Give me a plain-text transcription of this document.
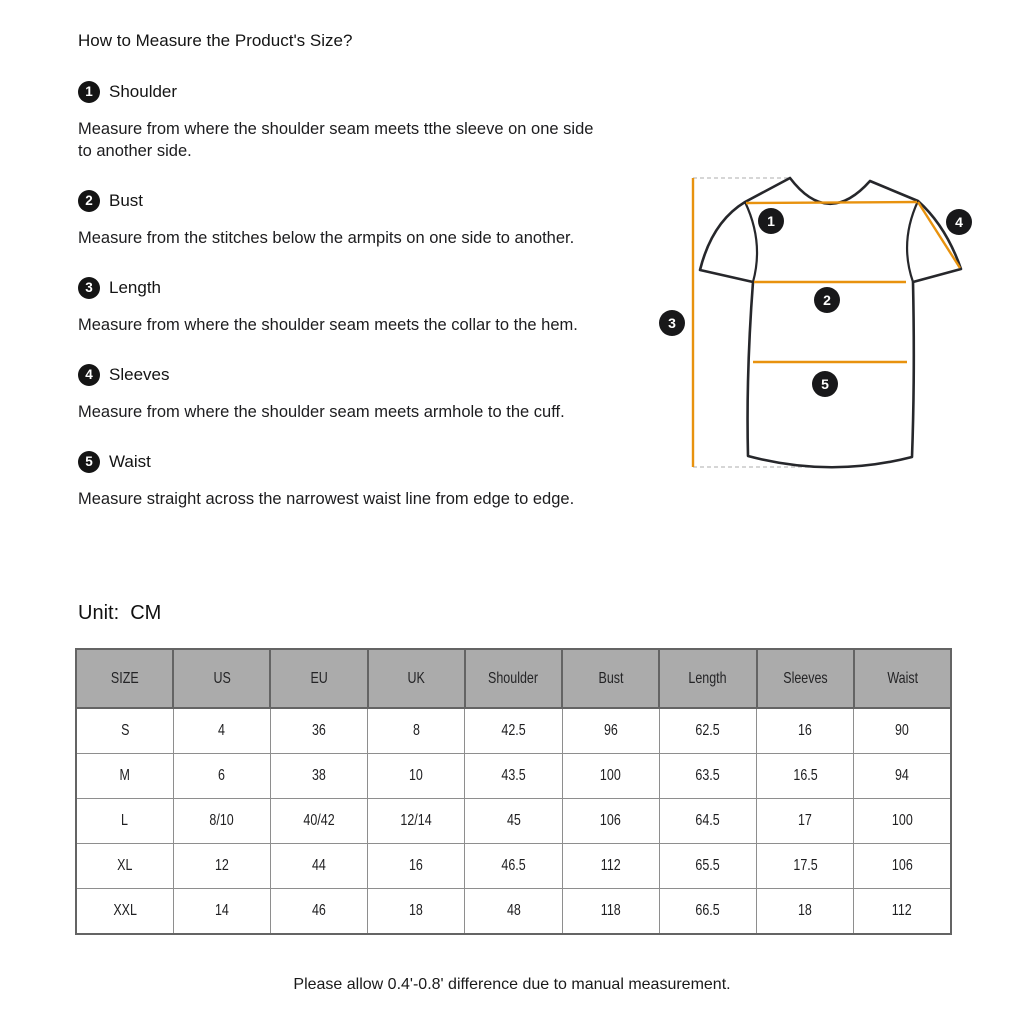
How to Measure the Product's Size?
1 Shoulder

Measure from where the shoulder seam meets tthe sleeve on one side to another side.

2 Bust

Measure from the stitches below the armpits on one side to another.

3 Length

Measure from where the shoulder seam meets the collar to the hem.

4 Sleeves

Measure from where the shoulder seam meets armhole to the cuff.

5 Waist

Measure straight across the narrowest waist line from edge to edge.

Unit:  CM
1
2
3
4
5
SIZE	US	EU	UK	Shoulder	Bust	Length	Sleeves	Waist
S	4	36	8	42.5	96	62.5	16	90
M	6	38	10	43.5	100	63.5	16.5	94
L	8/10	40/42	12/14	45	106	64.5	17	100
XL	12	44	16	46.5	112	65.5	17.5	106
XXL	14	46	18	48	118	66.5	18	112
Please allow 0.4'-0.8' difference due to manual measurement.
